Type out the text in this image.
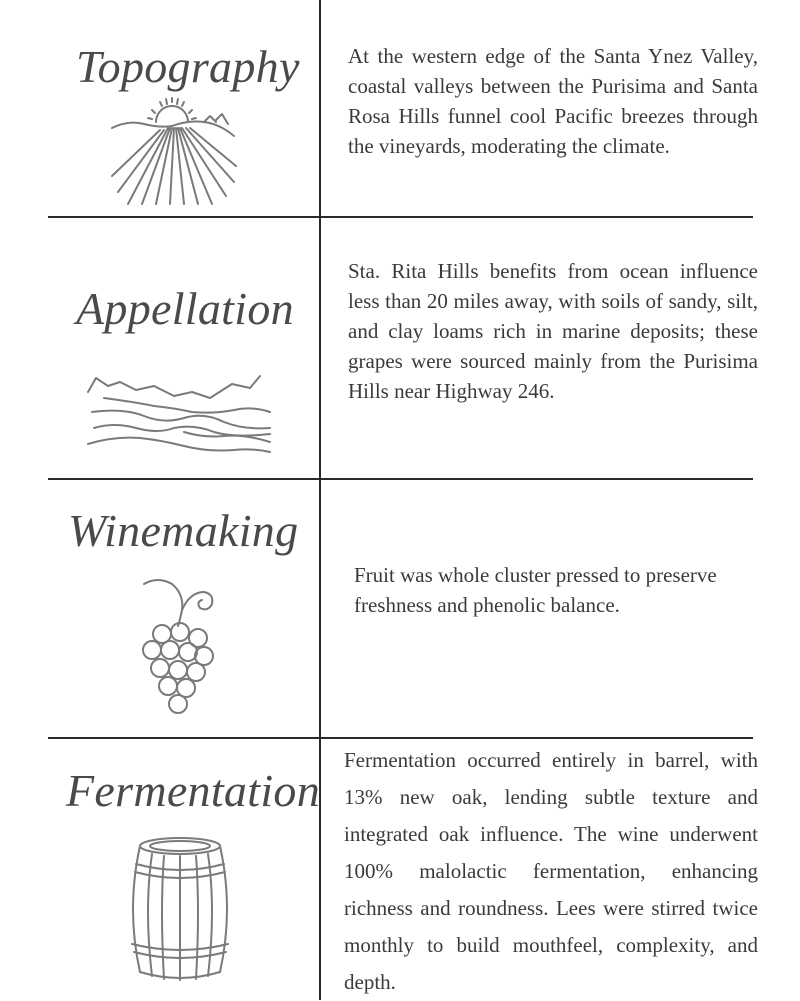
Topography At the western edge of the Santa Ynez Valley, coastal valleys between the Purisima and Santa Rosa Hills funnel cool Pacific breezes through the vineyards, moderating the climate.
Appellation
Sta. Rita Hills benefits from ocean influence less than 20 miles away, with soils of sandy, silt, and clay loams rich in marine deposits; these grapes were sourced mainly from the Purisima Hills near Highway 246.
Winemaking
Fruit was whole cluster pressed to preserve freshness and phenolic balance.
Fermentation
Fermentation occurred entirely in barrel, with 13% new oak, lending subtle texture and integrated oak influence. The wine underwent 100% malolactic fermentation, enhancing richness and roundness. Lees were stirred twice monthly to build mouthfeel, complexity, and depth.
